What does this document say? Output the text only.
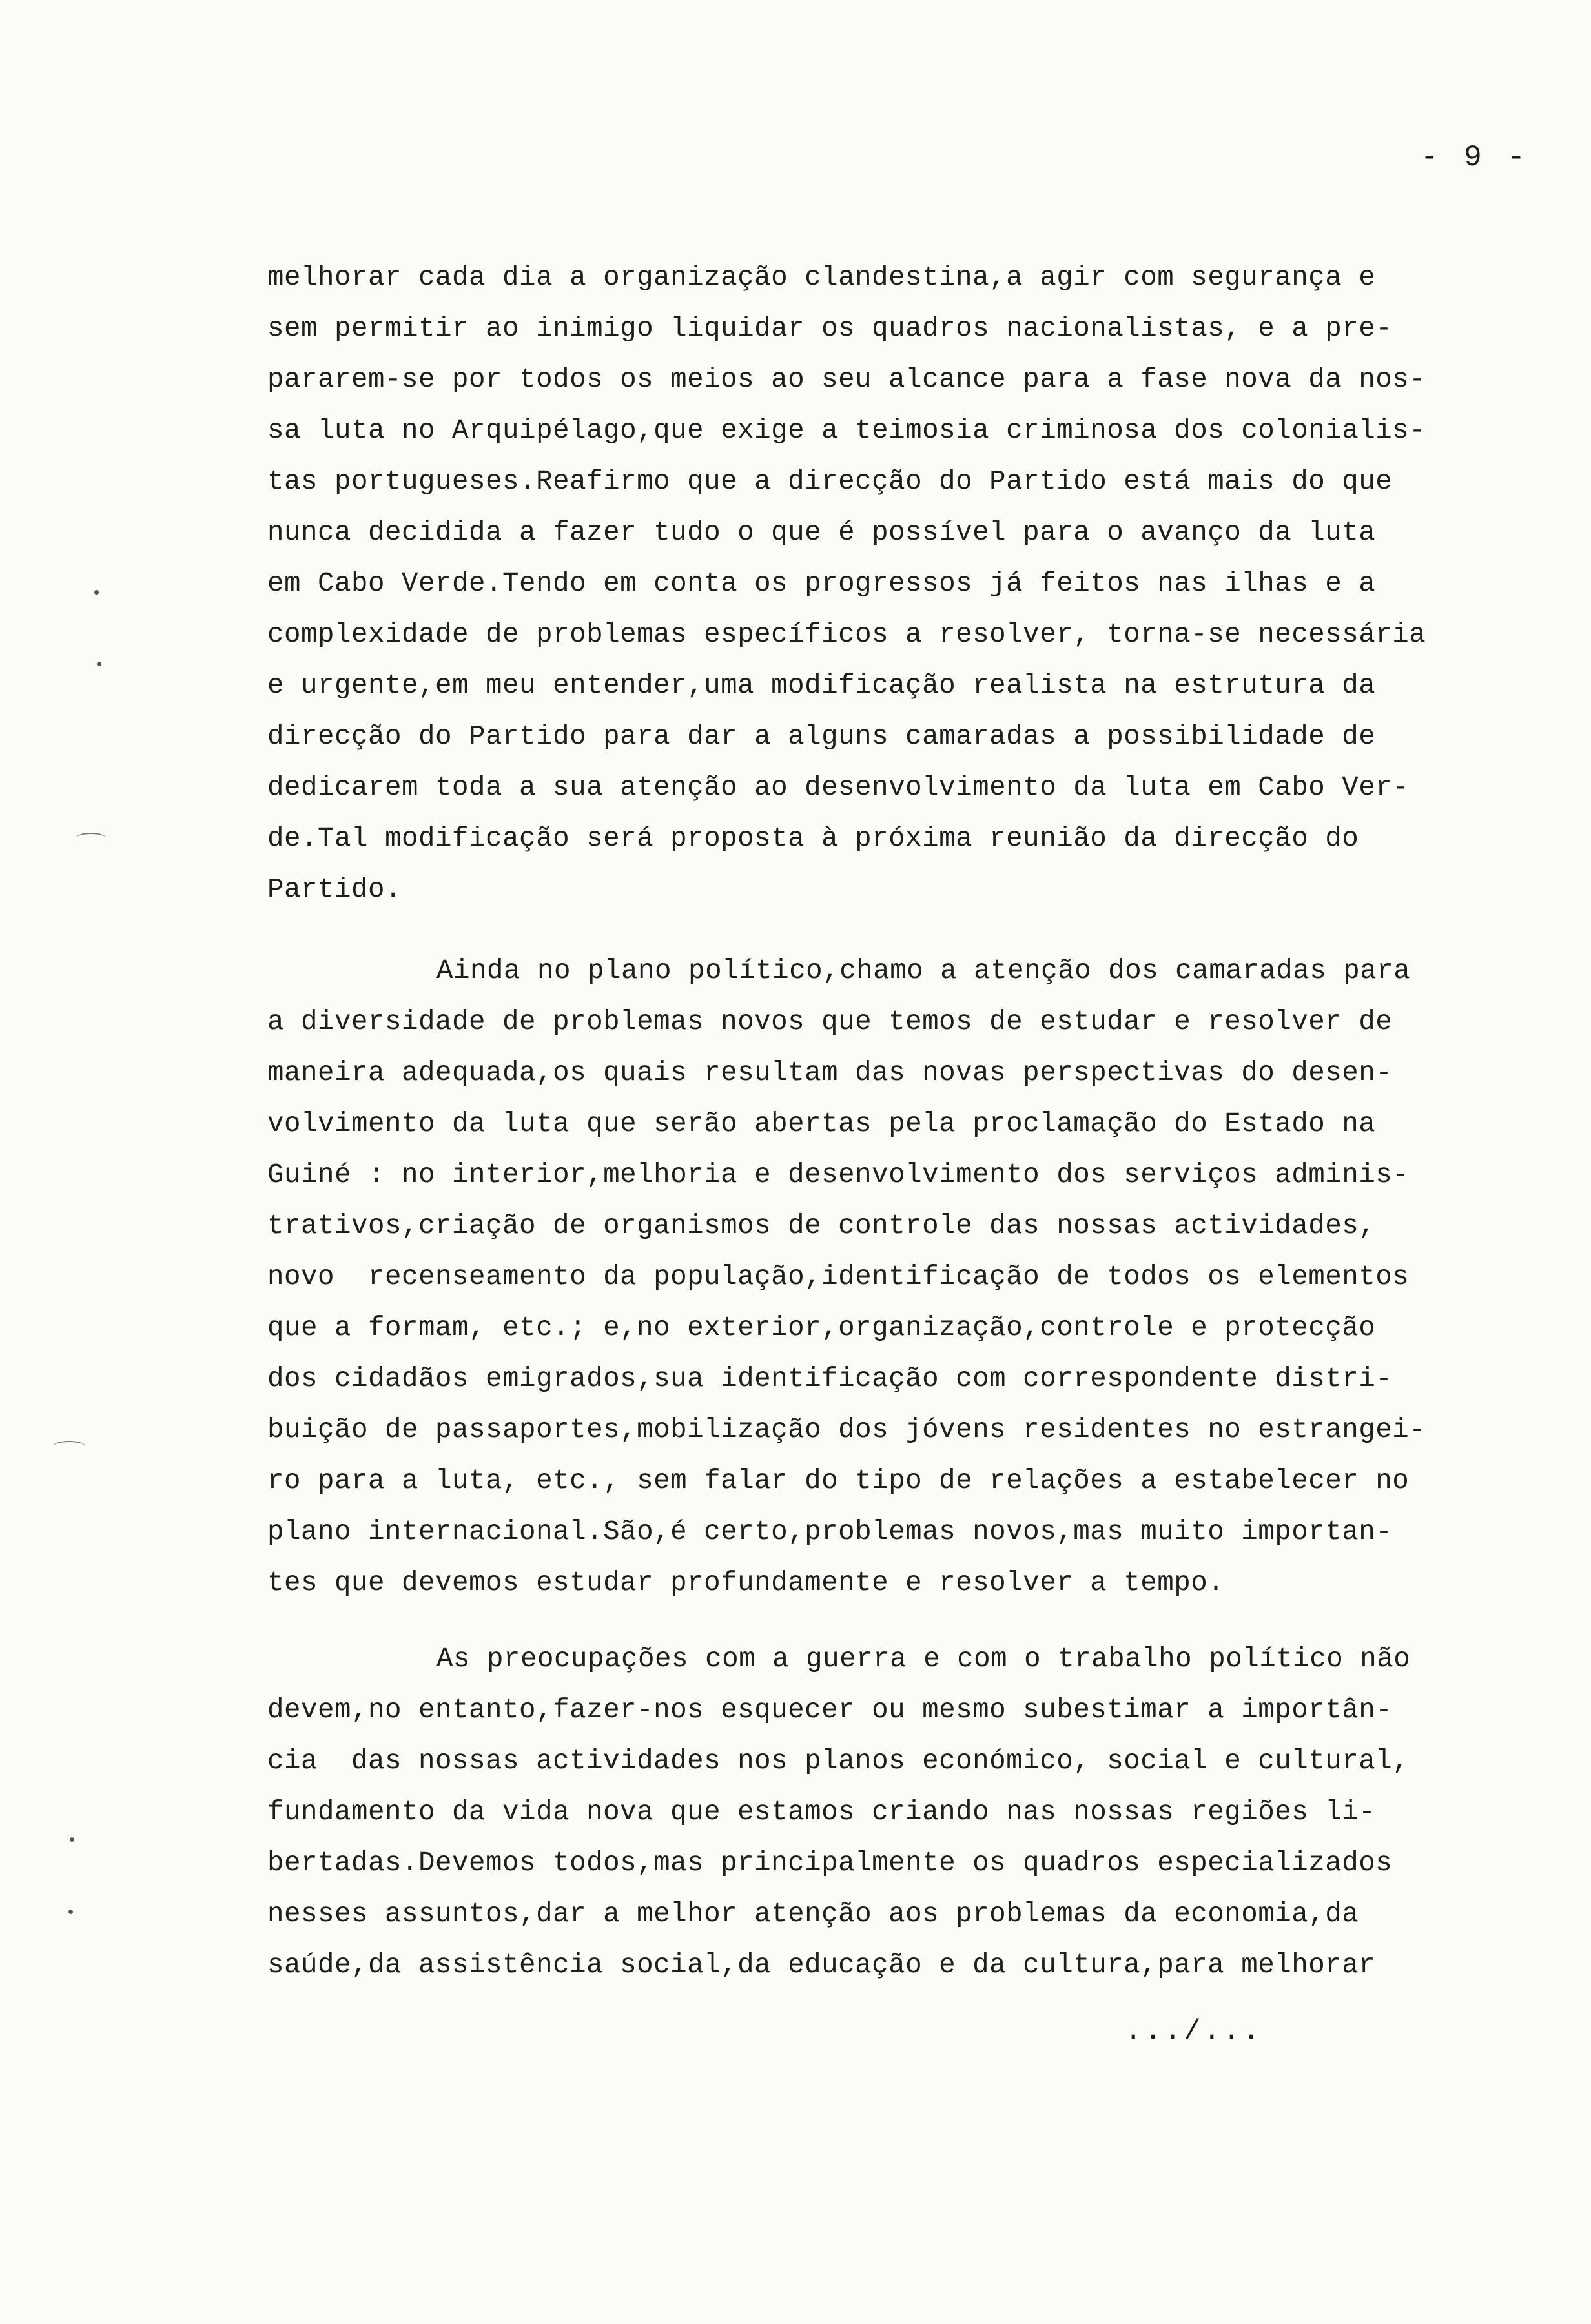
- 9 -
melhorar cada dia a organização clandestina,a agir com segurança e
sem permitir ao inimigo liquidar os quadros nacionalistas, e a pre-
pararem-se por todos os meios ao seu alcance para a fase nova da nos-
sa luta no Arquipélago,que exige a teimosia criminosa dos colonialis-
tas portugueses.Reafirmo que a direcção do Partido está mais do que
nunca decidida a fazer tudo o que é possível para o avanço da luta
em Cabo Verde.Tendo em conta os progressos já feitos nas ilhas e a
complexidade de problemas específicos a resolver, torna-se necessária
e urgente,em meu entender,uma modificação realista na estrutura da
direcção do Partido para dar a alguns camaradas a possibilidade de
dedicarem toda a sua atenção ao desenvolvimento da luta em Cabo Ver-
de.Tal modificação será proposta à próxima reunião da direcção do
Partido.
Ainda no plano político,chamo a atenção dos camaradas para
a diversidade de problemas novos que temos de estudar e resolver de
maneira adequada,os quais resultam das novas perspectivas do desen-
volvimento da luta que serão abertas pela proclamação do Estado na
Guiné : no interior,melhoria e desenvolvimento dos serviços adminis-
trativos,criação de organismos de controle das nossas actividades,
novo  recenseamento da população,identificação de todos os elementos
que a formam, etc.; e,no exterior,organização,controle e protecção
dos cidadãos emigrados,sua identificação com correspondente distri-
buição de passaportes,mobilização dos jóvens residentes no estrangei-
ro para a luta, etc., sem falar do tipo de relações a estabelecer no
plano internacional.São,é certo,problemas novos,mas muito importan-
tes que devemos estudar profundamente e resolver a tempo.
As preocupações com a guerra e com o trabalho político não
devem,no entanto,fazer-nos esquecer ou mesmo subestimar a importân-
cia  das nossas actividades nos planos económico, social e cultural,
fundamento da vida nova que estamos criando nas nossas regiões li-
bertadas.Devemos todos,mas principalmente os quadros especializados
nesses assuntos,dar a melhor atenção aos problemas da economia,da
saúde,da assistência social,da educação e da cultura,para melhorar
.../...
